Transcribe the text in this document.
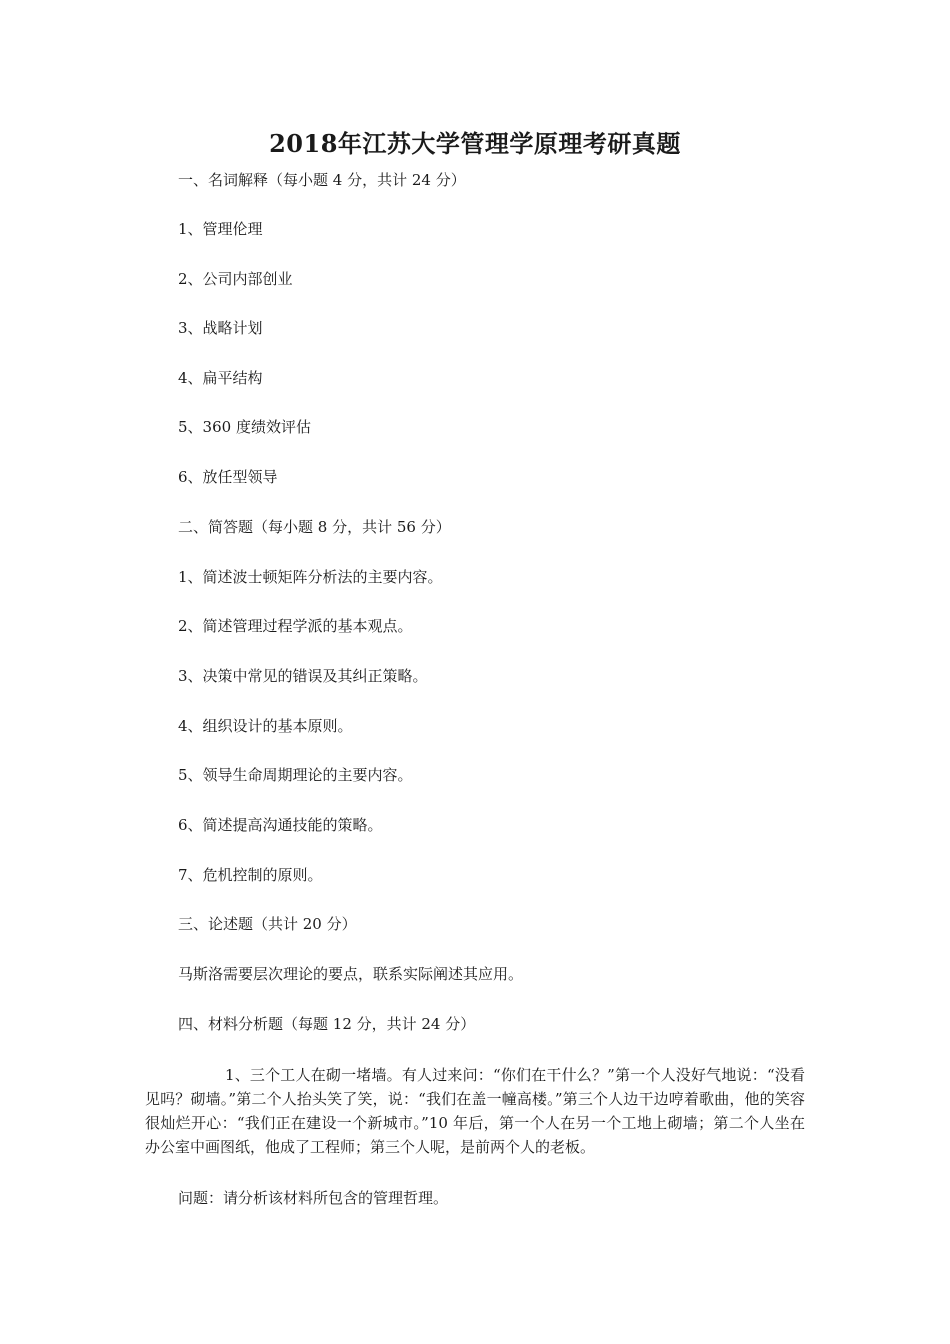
2018年江苏大学管理学原理考研真题

一、名词解释（每小题 4 分，共计 24 分）

1、管理伦理

2、公司内部创业

3、战略计划

4、扁平结构

5、360 度绩效评估

6、放任型领导

二、简答题（每小题 8 分，共计 56 分）

1、简述波士顿矩阵分析法的主要内容。

2、简述管理过程学派的基本观点。

3、决策中常见的错误及其纠正策略。

4、组织设计的基本原则。

5、领导生命周期理论的主要内容。

6、简述提高沟通技能的策略。

7、危机控制的原则。

三、论述题（共计 20 分）

马斯洛需要层次理论的要点，联系实际阐述其应用。

四、材料分析题（每题 12 分，共计 24 分）

1、三个工人在砌一堵墙。有人过来问：“你们在干什么？”第一个人没好气地说：“没看见吗？砌墙。”第二个人抬头笑了笑，说：“我们在盖一幢高楼。”第三个人边干边哼着歌曲，他的笑容很灿烂开心：“我们正在建设一个新城市。”10 年后，第一个人在另一个工地上砌墙；第二个人坐在办公室中画图纸，他成了工程师；第三个人呢，是前两个人的老板。

问题：请分析该材料所包含的管理哲理。
